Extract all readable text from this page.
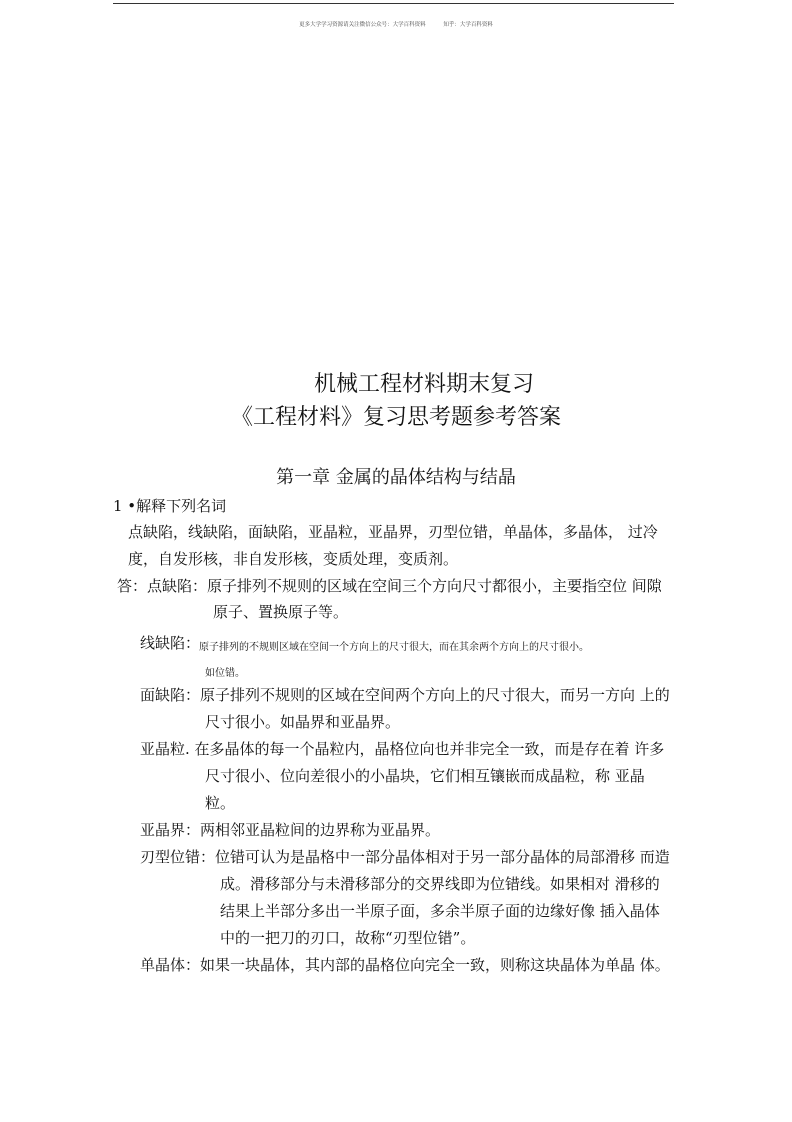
更多大学学习资源请关注微信公众号：大学百科资料	知乎：大学百科资料
机械工程材料期末复习
《工程材料》复习思考题参考答案
第一章 金属的晶体结构与结晶
1 •解释下列名词
点缺陷，线缺陷，面缺陷，亚晶粒，亚晶界，刃型位错，单晶体，多晶体， 过冷
度，自发形核，非自发形核，变质处理，变质剂。
答：点缺陷：原子排列不规则的区域在空间三个方向尺寸都很小，主要指空位 间隙
原子、置换原子等。
线缺陷：
原子排列的不规则区域在空间一个方向上的尺寸很大，而在其余两个方向上的尺寸很小。
如位错。
面缺陷：原子排列不规则的区域在空间两个方向上的尺寸很大，而另一方向 上的
尺寸很小。如晶界和亚晶界。
亚晶粒. 在多晶体的每一个晶粒内，晶格位向也并非完全一致，而是存在着 许多
尺寸很小、位向差很小的小晶块，它们相互镶嵌而成晶粒，称 亚晶
粒。
亚晶界：两相邻亚晶粒间的边界称为亚晶界。
刃型位错：位错可认为是晶格中一部分晶体相对于另一部分晶体的局部滑移 而造
成。滑移部分与未滑移部分的交界线即为位错线。如果相对 滑移的
结果上半部分多出一半原子面，多余半原子面的边缘好像 插入晶体
中的一把刀的刃口，故称“刃型位错”。
单晶体：如果一块晶体，其内部的晶格位向完全一致，则称这块晶体为单晶 体。
